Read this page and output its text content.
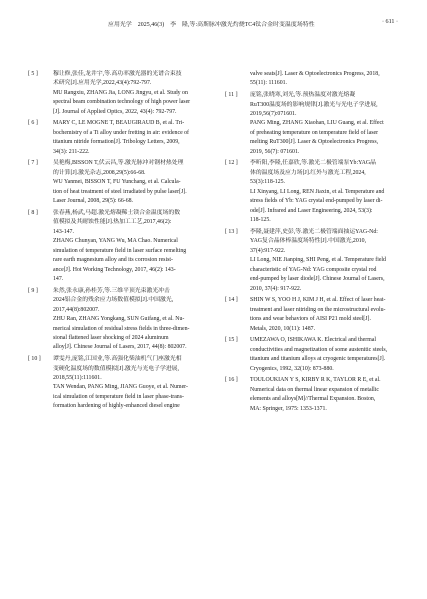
应用光学　2025,46(3)　李　隆,等:高斯脉冲激光灼烧TC4钛合金时变温度场特性	· 611 ·
[ 5 ]	穆让修,张佳,龙井宇,等.高功率激光器的光谱合束技
术研究[J].应用光学,2022,43(4):792-797.
MU Rangxiu, ZHANG Jia, LONG Jingyu, et al. Study on
spectral beam combination technology of high power laser
[J]. Journal of Applied Optics, 2022, 43(4): 792-797.
[ 6 ]	MARY C, LE MOGNE T, BEAUGIRAUD B, et al. Tri-
bochemistry of a Ti alloy under fretting in air: evidence of
titanium nitride formation[J]. Tribology Letters, 2009,
34(3): 211-222.
[ 7 ]	吴艳梅,BISSON T,伏云昌,等.激光脉冲对钢材热处理
的计算[J].激光杂志,2008,29(5):66-68.
WU Yanmei, BISSON T, FU Yunchang, et al. Calcula-
tion of heat treatment of steel irradiated by pulse laser[J].
Laser Journal, 2008, 29(5): 66-68.
[ 8 ]	张春燕,杨武,马超.激光熔凝稀土镁合金温度场的数
值模拟及其耐蚀性能[J].热加工工艺,2017,46(2):
143-147.
ZHANG Chunyan, YANG Wu, MA Chao. Numerical
simulation of temperature field in laser surface remelting
rare earth magnesium alloy and its corrosion resist-
ance[J]. Hot Working Technology, 2017, 46(2): 143-
147.
[ 9 ]	朱然,张永康,孙桂芳,等.三维平顶光束激光冲击
2024铝合金的残余应力场数值模拟[J].中国激光,
2017,44(8):802007.
ZHU Ran, ZHANG Yongkang, SUN Guifang, et al. Nu-
merical simulation of residual stress fields in three-dimen-
sional flattened laser shocking of 2024 aluminum
alloy[J]. Chinese Journal of Lasers, 2017, 44(8): 802007.
[ 10 ] 谭雯丹,庞铭,江国业,等.高强化柴油机气门座激光相
变硬化温度场的数值模拟[J].激光与光电子学进展,
2018,55(11):111601.
TAN Wendan, PANG Ming, JIANG Guoye, et al. Numer-
ical simulation of temperature field in laser phase-trans-
formation hardening of highly-enhanced diesel engine
valve seats[J]. Laser & Optoelectronics Progress, 2018,
55(11): 111601.
[ 11 ] 庞铭,张晓寒,刘光,等.预热温度对激光熔凝
RuT300温度场的影响规律[J].激光与光电子学进展,
2019,56(7):071601.
PANG Ming, ZHANG Xiaohan, LIU Guang, et al. Effect
of preheating temperature on temperature field of laser
melting RuT300[J]. Laser & Optoelectronics Progress,
2019, 56(7): 071601.
[ 12 ] 李昕阳,李隆,任嘉欣,等.激光二极管端泵Yb:YAG晶
体的温度场及应力场[J].红外与激光工程,2024,
53(3):118-125.
LI Xinyang, LI Long, REN Jiaxin, et al. Temperature and
stress fields of Yb: YAG crystal end-pumped by laser di-
ode[J]. Infrared and Laser Engineering, 2024, 53(3):
118-125.
[ 13 ] 李隆,聂建萍,史彭,等.激光二极管端面抽运YAG-Nd:
YAG复合晶体棒温度场特性[J].中国激光,2010,
37(4):917-922.
LI Long, NIE Jianping, SHI Peng, et al. Temperature field
characteristic of YAG-Nd: YAG composite crystal rod
end-pumped by laser diode[J]. Chinese Journal of Lasers,
2010, 37(4): 917-922.
[ 14 ] SHIN W S, YOO H J, KIM J H, et al. Effect of laser heat-
treatment and laser nitriding on the microstructural evolu-
tions and wear behaviors of AISI P21 mold steel[J].
Metals, 2020, 10(11): 1487.
[ 15 ] UMEZAWA O, ISHIKAWA K. Electrical and thermal
conductivities and magnetization of some austenitic steels,
titanium and titanium alloys at cryogenic temperatures[J].
Cryogenics, 1992, 32(10): 873-880.
[ 16 ] TOULOUKIAN Y S, KIRBY R K, TAYLOR R E, et al.
Numerical data on thermal linear expansion of metallic
elements and alloys[M]//Thermal Expansion. Boston,
MA: Springer, 1975: 1353-1371.
